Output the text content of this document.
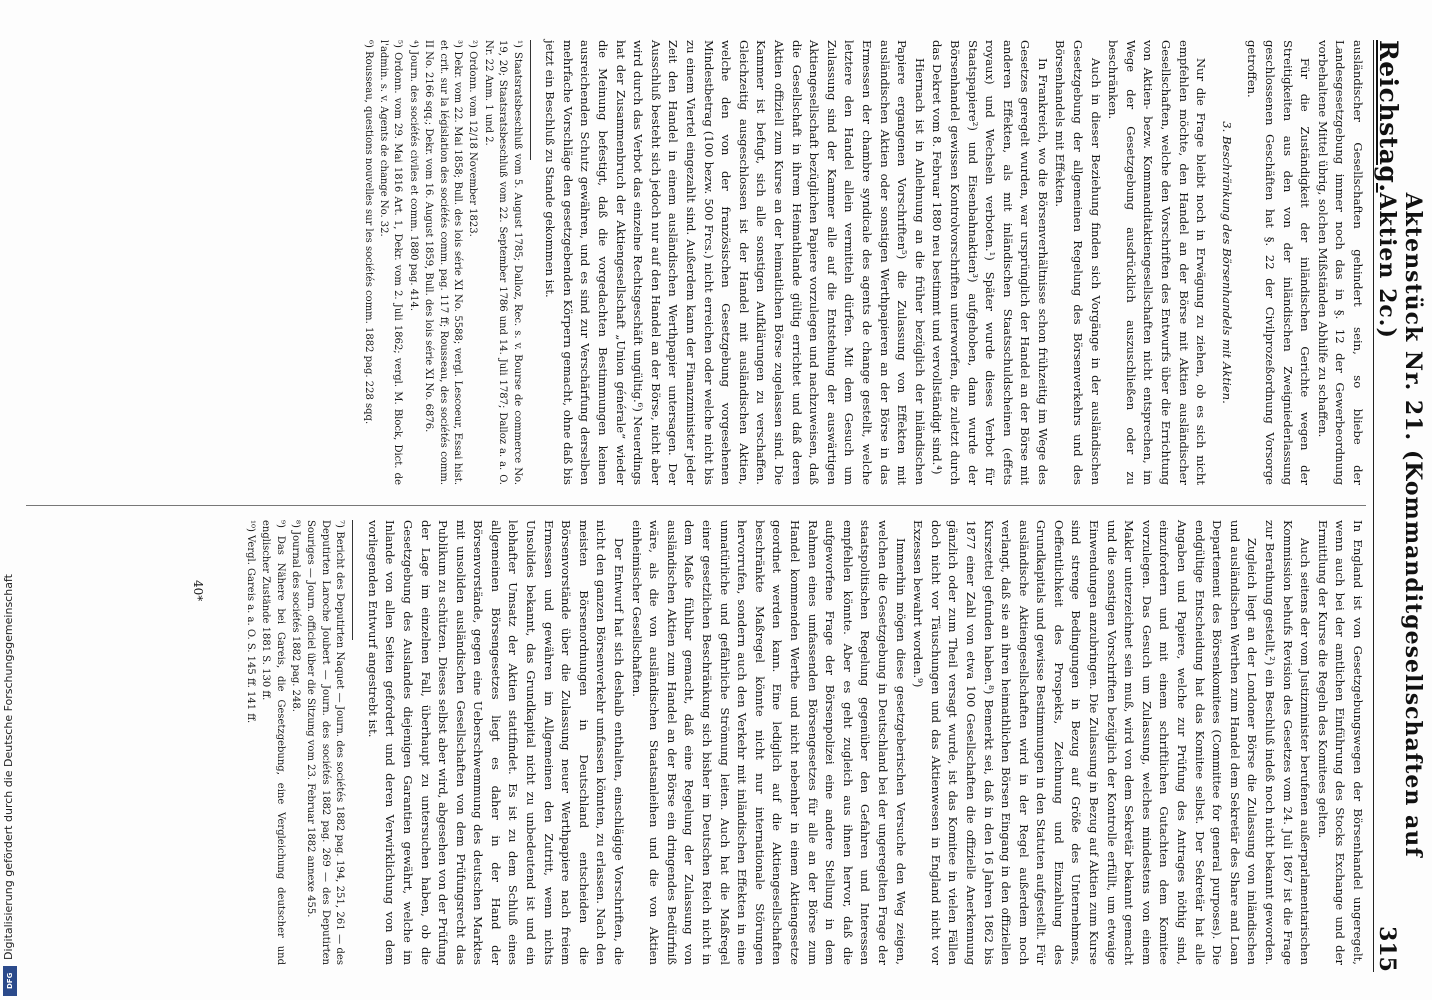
Reichstag.
Aktenstück Nr. 21. (Kommanditgesellschaften auf Aktien 2c.)
315

ausländischer Gesellschaften gehindert sein, so bliebe der Landesgesetzgebung immer noch das in §. 12 der Gewerbeordnung vorbehaltene Mittel übrig, solchen Mißständen Abhilfe zu schaffen.

Für die Zuständigkeit der inländischen Gerichte wegen der Streitigkeiten aus den von der inländischen Zweigniederlassung geschlossenen Geschäften hat §. 22 der Civilprozeßordnung Vorsorge getroffen.

3. Beschränkung des Börsenhandels mit Aktien.

Nur die Frage bleibt noch in Erwägung zu ziehen, ob es sich nicht empfehlen möchte, den Handel an der Börse mit Aktien ausländischer Gesellschaften, welche den Vorschriften des Entwurfs über die Errichtung von Aktien- bezw. Kommanditaktiengesellschaften nicht entsprechen, im Wege der Gesetzgebung ausdrücklich auszuschließen oder zu beschränken.

Auch in dieser Beziehung finden sich Vorgänge in der ausländischen Gesetzgebung der allgemeinen Regelung des Börsenverkehrs und des Börsenhandels mit Effekten.

In Frankreich, wo die Börsenverhältnisse schon frühzeitig im Wege des Gesetzes geregelt wurden, war ursprünglich der Handel an der Börse mit anderen Effekten, als mit inländischen Staatsschuldscheinen (effets royaux) und Wechseln verboten.¹) Später wurde dieses Verbot für Staatspapiere²) und Eisenbahnaktien³) aufgehoben, dann wurde der Börsenhandel gewissen Kontrolvorschriften unterworfen, die zuletzt durch das Dekret vom 8. Februar 1880 neu bestimmt und vervollständigt sind.⁴)

Hiernach ist in Anlehnung an die früher bezüglich der inländischen Papiere ergangenen Vorschriften⁵) die Zulassung von Effekten mit ausländischen Aktien oder sonstigen Werthpapieren an der Börse in das Ermessen der chambre syndicale des agents de change gestellt, welche letztere den Handel allein vermitteln dürfen. Mit dem Gesuch um Zulassung sind der Kammer alle auf die Entstehung der auswärtigen Aktiengesellschaft bezüglichen Papiere vorzulegen und nachzuweisen, daß die Gesellschaft in ihrem Heimathlande gültig errichtet und daß deren Aktien offiziell zum Kurse an der heimatlichen Börse zugelassen sind. Die Kammer ist befugt, sich alle sonstigen Aufklärungen zu verschaffen. Gleichzeitig ausgeschlossen ist der Handel mit ausländischen Aktien, welche den von der französischen Gesetzgebung vorgesehenen Mindestbetrag (100 bezw. 500 Frcs.) nicht erreichen oder welche nicht bis zu einem Viertel eingezahlt sind. Außerdem kann der Finanzminister jeder Zeit den Handel in einem ausländischen Werthpapier untersagen. Der Ausschluß besteht sich jedoch nur auf den Handel an der Börse, nicht aber wird durch das Verbot das einzelne Rechtsgeschäft ungültig.⁶) Neuerdings hat der Zusammenbruch der Aktiengesellschaft „Union générale“ wieder die Meinung befestigt, daß die vorgedachten Bestimmungen keinen ausreichenden Schutz gewähren, und es sind zur Verschärfung derselben mehrfache Vorschläge den gesetzgebenden Körpern gemacht, ohne daß bis jetzt ein Beschluß zu Stande gekommen ist.

¹) Staatsratsbeschluß vom 5. August 1785; Dalloz, Rec. s. v. Bourse de commerce No. 19, 20; Staatsratsbeschluß vom 22. September 1786 und 14. Juli 1787; Dalloz a. a. O. Nr. 22 Anm. 1 und 2.
²) Ordonn. vom 12/18 November 1823.
³) Dekr. vom 22. Mai 1858; Bull. des lois série XI No. 5588; vergl. Lescoeur, Essai hist. et crit. sur la législation des sociétés comm. pag. 117 ff; Rousseau, des sociétés comm. II No. 2166 sqq.; Dekr. vom 16. August 1859, Bull. des lois série XI No. 6876.
⁴) Journ. des sociétés civiles et comm. 1880 pag. 414.
⁵) Ordonn. vom 29. Mai 1816 Art. 1, Dekr. vom 2. Juli 1862; vergl. M. Block, Dict. de l'admin. s. v. Agents de change No. 32.
⁶) Rousseau, questions nouvelles sur les sociétés comm. 1882 pag. 228 sqq.

In England ist von Gesetzgebungswegen der Börsenhandel ungeregelt, wenn auch bei der amtlichen Einführung des Stocks Exchange und der Ermittlung der Kurse die Regeln des Komitees gelten.

Auch seitens der vom Justizminister berufenen außerparlamentarischen Kommission behufs Revision des Gesetzes vom 24. Juli 1867 ist die Frage zur Berathung gestellt,²) ein Beschluß indeß noch nicht bekannt geworden.

Zugleich liegt an der Londoner Börse die Zulassung von inländischen und ausländischen Werthen zum Handel dem Sekretär des Share and Loan Departement des Börsenkomitees (Committee for general purposes). Die endgültige Entscheidung hat das Komitee selbst. Der Sekretär hat alle Angaben und Papiere, welche zur Prüfung des Antrages nöthig sind, einzufordern und mit einem schriftlichen Gutachten dem Komitee vorzulegen. Das Gesuch um Zulassung, welches mindestens von einem Makler unterzeichnet sein muß, wird von dem Sekretär bekannt gemacht und die sonstigen Vorschriften bezüglich der Kontrolle erfüllt, um etwaige Einwendungen anzubringen. Die Zulassung in Bezug auf Aktien zum Kurse sind strenge Bedingungen in Bezug auf Größe des Unternehmens, Oeffentlichkeit des Prospekts, Zeichnung und Einzahlung des Grundkapitals und gewisse Bestimmungen in den Statuten aufgestellt. Für ausländische Aktiengesellschaften wird in der Regel außerdem noch verlangt, daß sie an ihren heimathlichen Börsen Eingang in den offiziellen Kurszettel gefunden haben.⁸) Bemerkt sei, daß in den 16 Jahren 1862 bis 1877 einer Zahl von etwa 100 Gesellschaften die offizielle Anerkennung gänzlich oder zum Theil versagt wurde, ist das Komitee in vielen Fällen doch nicht vor Täuschungen und das Aktienwesen in England nicht vor Exzessen bewahrt worden.⁹)

Immerhin mögen diese gesetzgeberischen Versuche den Weg zeigen, welchen die Gesetzgebung in Deutschland bei der ungeregelten Frage der staatspolitischen Regelung gegenüber den Gefahren und Interessen empfehlen könnte. Aber es geht zugleich aus ihnen hervor, daß die aufgeworfene Frage der Börsenpolizei eine andere Stellung in dem Rahmen eines umfassenden Börsengesetzes für alle an der Börse zum Handel kommenden Werthe und nicht nebenher in einem Aktiengesetze geordnet werden kann. Eine lediglich auf die Aktiengesellschaften beschränkte Maßregel könnte nicht nur internationale Störungen hervorrufen, sondern auch den Verkehr mit inländischen Effekten in eine unnatürliche und gefährliche Strömung leiten. Auch hat die Maßregel einer gesetzlichen Beschränkung sich bisher im Deutschen Reich nicht in dem Maße fühlbar gemacht, daß eine Regelung der Zulassung von ausländischen Aktien zum Handel an der Börse ein dringendes Bedürfniß wäre, als die von ausländischen Staatsanleihen und die von Aktien einheimischer Gesellschaften.

Der Entwurf hat sich deshalb enthalten, einschlägige Vorschriften, die nicht den ganzen Börsenverkehr umfassen könnten, zu erlassen. Nach den meisten Börsenordnungen in Deutschland entscheiden die Börsenvorstände über die Zulassung neuer Werthpapiere nach freiem Ermessen und gewähren im Allgemeinen den Zutritt, wenn nichts Unsolides bekannt, das Grundkapital nicht zu unbedeutend ist und ein lebhafter Umsatz der Aktien stattfindet. Es ist zu dem Schluß eines allgemeinen Börsengesetzes liegt es daher in der Hand der Börsenvorstände, gegen eine Ueberschwemmung des deutschen Marktes mit unsoliden ausländischen Gesellschaften von dem Prüfungsrecht das Publikum zu schützen. Dieses selbst aber wird, abgesehen von der Prüfung der Lage im einzelnen Fall, überhaupt zu untersuchen haben, ob die Gesetzgebung des Auslandes diejenigen Garantien gewährt, welche im Inlande von allen Seiten gefordert und deren Verwirklichung von dem vorliegenden Entwurf angestrebt ist.

⁷) Bericht des Deputirten Naquet — Journ. des sociétés 1882 pag. 194, 251, 261 — des Deputirten Laroche Joubert — Journ. des sociétés 1882 pag. 269 — des Deputirten Souriges — Journ. officiel über die Sitzung vom 23. Februar 1882 annexe 455.
⁸) Journal des sociétés 1882 pag. 248.
⁹) Das Nähere bei Gareis, die Gesetzgebung, eine Vergleichung deutscher und englischer Zustände 1881 S. 130 ff.
¹⁰) Vergl. Gareis a. a. O. S. 145 ff. 141 ff.
40*
Digitalisierung gefördert durch die Deutsche Forschungsgemeinschaft
DFG
